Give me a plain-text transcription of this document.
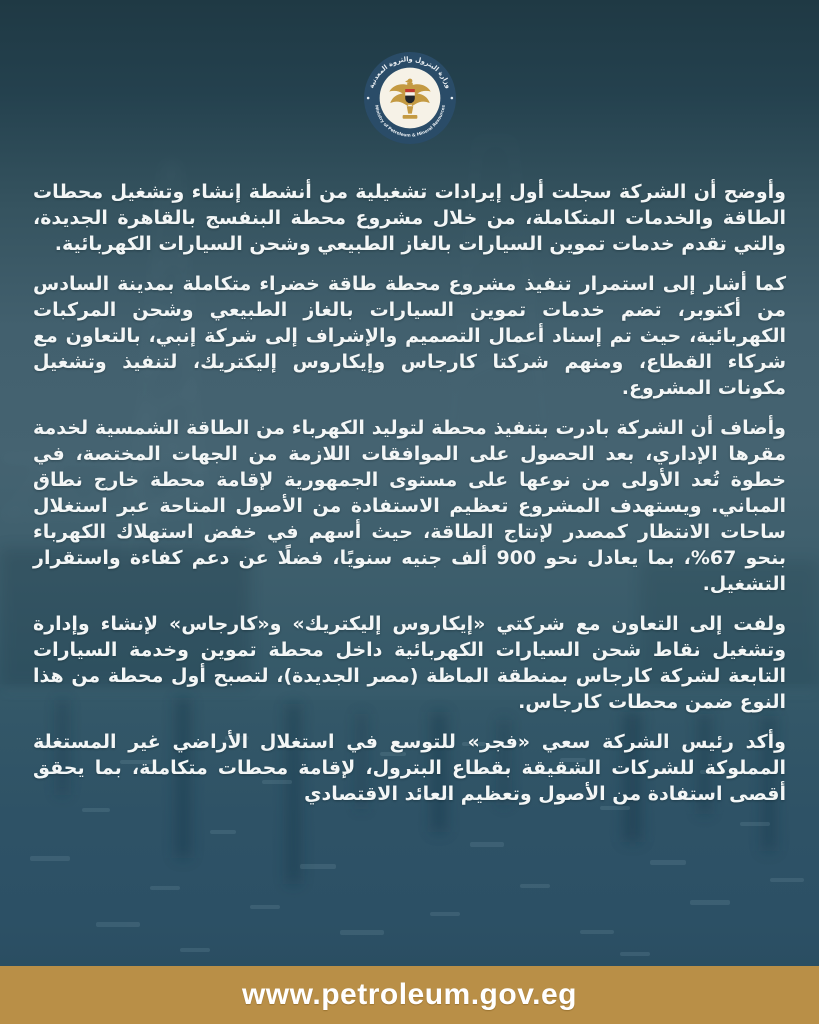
وزارة البترول والثروة المعدنية
Ministry of Petroleum & Mineral Resources

وأوضح أن الشركة سجلت أول إيرادات تشغيلية من أنشطة إنشاء وتشغيل محطات الطاقة والخدمات المتكاملة، من خلال مشروع محطة البنفسج بالقاهرة الجديدة، والتي تقدم خدمات تموين السيارات بالغاز الطبيعي وشحن السيارات الكهربائية.

كما أشار إلى استمرار تنفيذ مشروع محطة طاقة خضراء متكاملة بمدينة السادس من أكتوبر، تضم خدمات تموين السيارات بالغاز الطبيعي وشحن المركبات الكهربائية، حيث تم إسناد أعمال التصميم والإشراف إلى شركة إنبي، بالتعاون مع شركاء القطاع، ومنهم شركتا كارجاس وإيكاروس إليكتريك، لتنفيذ وتشغيل مكونات المشروع.

وأضاف أن الشركة بادرت بتنفيذ محطة لتوليد الكهرباء من الطاقة الشمسية لخدمة مقرها الإداري، بعد الحصول على الموافقات اللازمة من الجهات المختصة، في خطوة تُعد الأولى من نوعها على مستوى الجمهورية لإقامة محطة خارج نطاق المباني. ويستهدف المشروع تعظيم الاستفادة من الأصول المتاحة عبر استغلال ساحات الانتظار كمصدر لإنتاج الطاقة، حيث أسهم في خفض استهلاك الكهرباء بنحو 67%، بما يعادل نحو 900 ألف جنيه سنويًا، فضلًا عن دعم كفاءة واستقرار التشغيل.

ولفت إلى التعاون مع شركتي «إيكاروس إليكتريك» و«كارجاس» لإنشاء وإدارة وتشغيل نقاط شحن السيارات الكهربائية داخل محطة تموين وخدمة السيارات التابعة لشركة كارجاس بمنطقة الماظة (مصر الجديدة)، لتصبح أول محطة من هذا النوع ضمن محطات كارجاس.

وأكد رئيس الشركة سعي «فجر» للتوسع في استغلال الأراضي غير المستغلة المملوكة للشركات الشقيقة بقطاع البترول، لإقامة محطات متكاملة، بما يحقق أقصى استفادة من الأصول وتعظيم العائد الاقتصادي

www.petroleum.gov.eg
